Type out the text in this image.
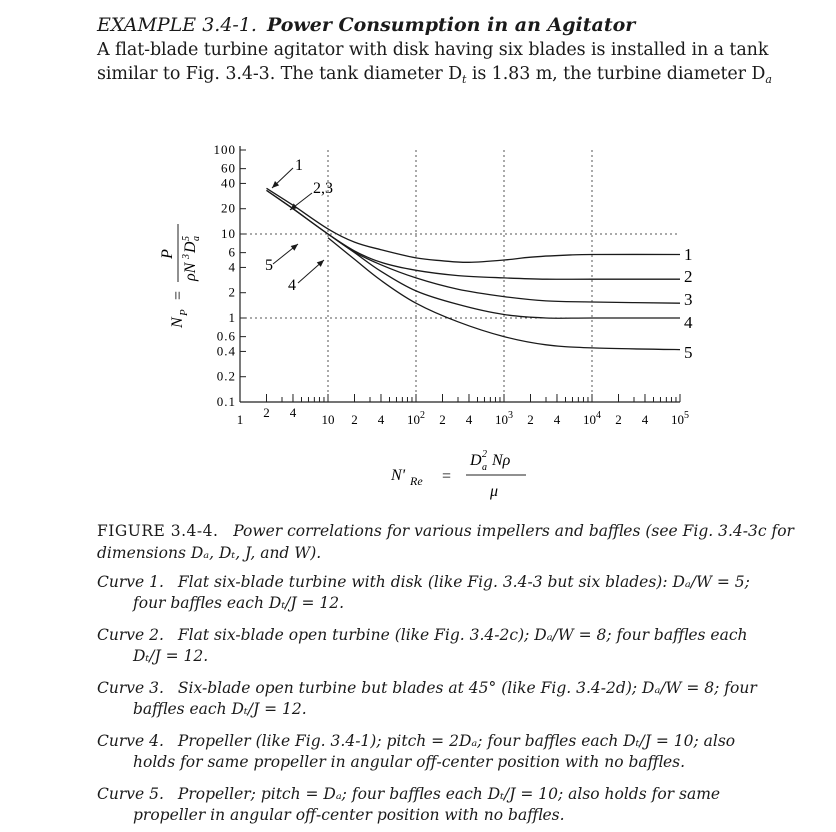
EXAMPLE 3.4-1. Power Consumption in an Agitator
A flat-blade turbine agitator with disk having six blades is installed in a tank
similar to Fig. 3.4-3. The tank diameter $D_t$ is 1.83 m, the turbine diameter $D_a$
100
60
40
20
10
6
4
2
1
0.6
0.4
0.2
0.1
1 2 4 10 2 4 $10^2$ 2 4 $10^3$ 2 4 $10^4$ 2 4 $10^5$
1
2
3
4
5
1
2,3
5
4
N
P
=
P
ρN
3
D
a
5
N' Re =
D a
2 Nρ
μ
FIGURE 3.4-4. Power correlations for various impellers and baffles (see Fig. 3.4-3c for dimensions Dₐ, Dₜ, J, and W).
Curve 1. Flat six-blade turbine with disk (like Fig. 3.4-3 but six blades): Dₐ/W = 5;
four baffles each Dₜ/J = 12.
Curve 2. Flat six-blade open turbine (like Fig. 3.4-2c); Dₐ/W = 8; four baffles each
Dₜ/J = 12.
Curve 3. Six-blade open turbine but blades at 45° (like Fig. 3.4-2d); Dₐ/W = 8; four
baffles each Dₜ/J = 12.
Curve 4. Propeller (like Fig. 3.4-1); pitch = 2Dₐ; four baffles each Dₜ/J = 10; also
holds for same propeller in angular off-center position with no baffles.
Curve 5. Propeller; pitch = Dₐ; four baffles each Dₜ/J = 10; also holds for same
propeller in angular off-center position with no baffles.
